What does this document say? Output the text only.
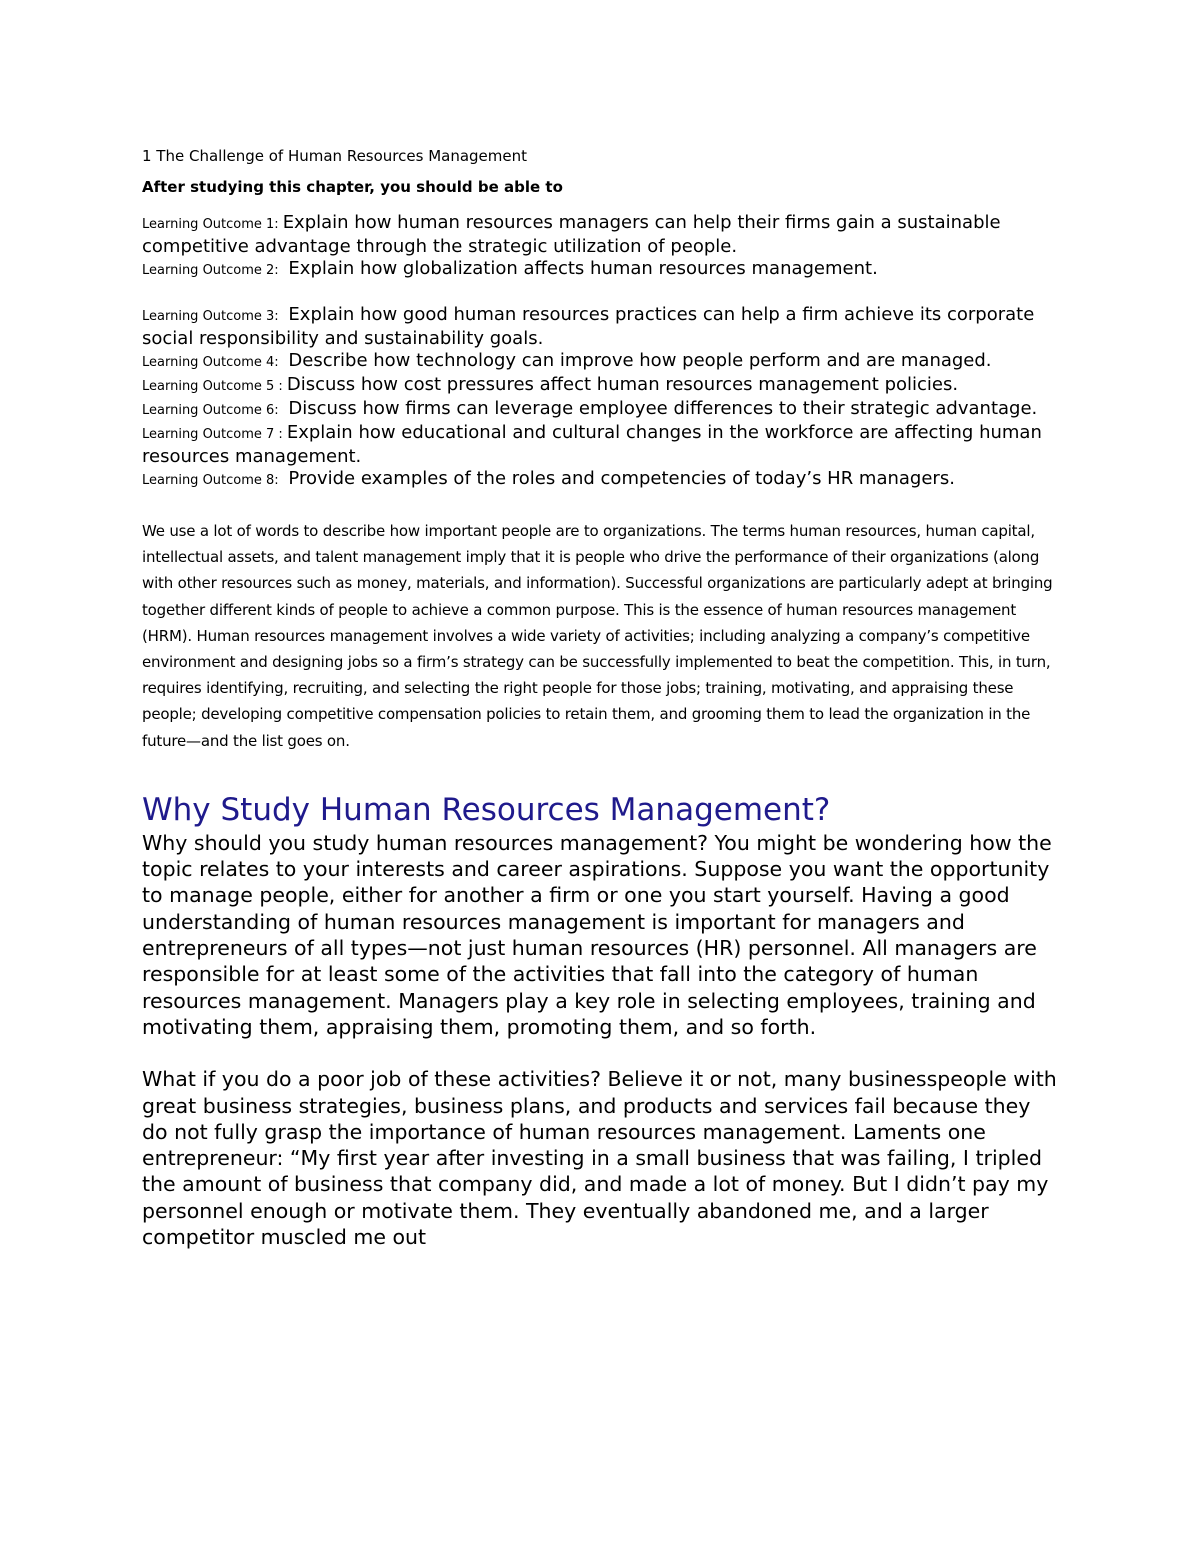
1 The Challenge of Human Resources Management

After studying this chapter, you should be able to

Learning Outcome 1: Explain how human resources managers can help their firms gain a sustainable competitive advantage through the strategic utilization of people.
Learning Outcome 2: Explain how globalization affects human resources management.
Learning Outcome 3: Explain how good human resources practices can help a firm achieve its corporate social responsibility and sustainability goals.
Learning Outcome 4: Describe how technology can improve how people perform and are managed.
Learning Outcome 5 : Discuss how cost pressures affect human resources management policies.
Learning Outcome 6: Discuss how firms can leverage employee differences to their strategic advantage.
Learning Outcome 7 : Explain how educational and cultural changes in the workforce are affecting human resources management.
Learning Outcome 8: Provide examples of the roles and competencies of today’s HR managers.

We use a lot of words to describe how important people are to organizations. The terms human resources, human capital, intellectual assets, and talent management imply that it is people who drive the performance of their organizations (along with other resources such as money, materials, and information). Successful organizations are particularly adept at bringing together different kinds of people to achieve a common purpose. This is the essence of human resources management (HRM). Human resources management involves a wide variety of activities; including analyzing a company’s competitive environment and designing jobs so a firm’s strategy can be successfully implemented to beat the competition. This, in turn, requires identifying, recruiting, and selecting the right people for those jobs; training, motivating, and appraising these people; developing competitive compensation policies to retain them, and grooming them to lead the organization in the future—and the list goes on.

Why Study Human Resources Management?

Why should you study human resources management? You might be wondering how the topic relates to your interests and career aspirations. Suppose you want the opportunity to manage people, either for another a firm or one you start yourself. Having a good understanding of human resources management is important for managers and entrepreneurs of all types—not just human resources (HR) personnel. All managers are responsible for at least some of the activities that fall into the category of human resources management. Managers play a key role in selecting employees, training and motivating them, appraising them, promoting them, and so forth.

What if you do a poor job of these activities? Believe it or not, many businesspeople with great business strategies, business plans, and products and services fail because they do not fully grasp the importance of human resources management. Laments one entrepreneur: “My first year after investing in a small business that was failing, I tripled the amount of business that company did, and made a lot of money. But I didn’t pay my personnel enough or motivate them. They eventually abandoned me, and a larger competitor muscled me out
